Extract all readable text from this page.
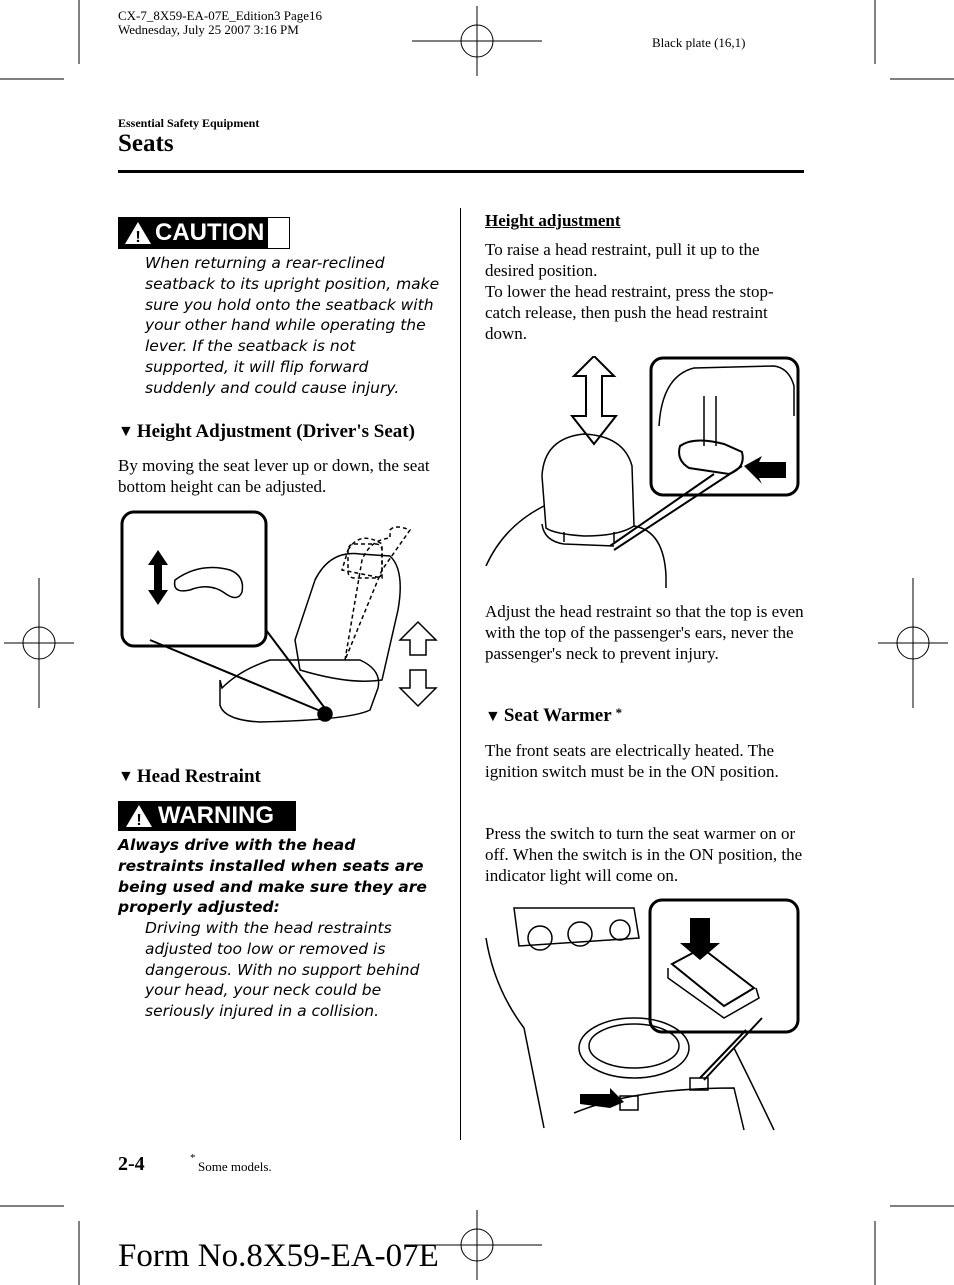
CX-7_8X59-EA-07E_Edition3 Page16
Wednesday, July 25 2007 3:16 PM
Black plate (16,1)
Essential Safety Equipment
Seats
! CAUTION
When returning a rear-reclined seatback to its upright position, make sure you hold onto the seatback with your other hand while operating the lever. If the seatback is not supported, it will flip forward suddenly and could cause injury.
▼ Height Adjustment (Driver's Seat)
By moving the seat lever up or down, the seat bottom height can be adjusted.
▼ Head Restraint
! WARNING
Always drive with the head restraints installed when seats are being used and make sure they are properly adjusted:
Driving with the head restraints adjusted too low or removed is dangerous. With no support behind your head, your neck could be seriously injured in a collision.
Height adjustment
To raise a head restraint, pull it up to the desired position.
To lower the head restraint, press the stop-catch release, then push the head restraint down.
Adjust the head restraint so that the top is even with the top of the passenger's ears, never the passenger's neck to prevent injury.
▼ Seat Warmer *
The front seats are electrically heated. The ignition switch must be in the ON position.
Press the switch to turn the seat warmer on or off. When the switch is in the ON position, the indicator light will come on.
2-4	*
Some models.
Form No.8X59-EA-07E
